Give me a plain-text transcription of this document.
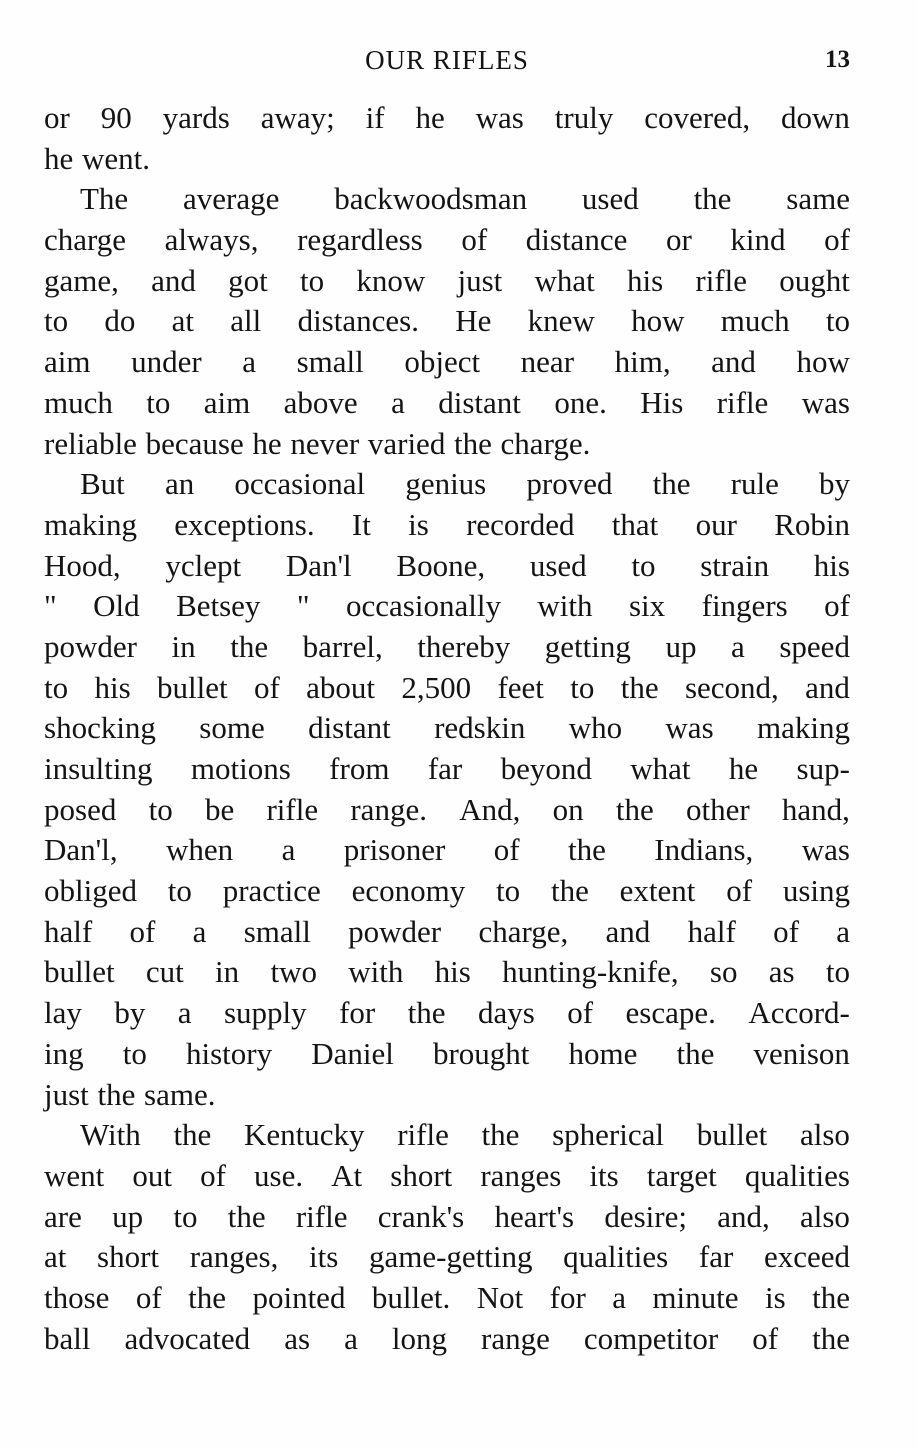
OUR RIFLES	13
or 90 yards away; if he was truly covered, down
he went.
The average backwoodsman used the same
charge always, regardless of distance or kind of
game, and got to know just what his rifle ought
to do at all distances. He knew how much to
aim under a small object near him, and how
much to aim above a distant one. His rifle was
reliable because he never varied the charge.
But an occasional genius proved the rule by
making exceptions. It is recorded that our Robin
Hood, yclept Dan'l Boone, used to strain his
" Old Betsey " occasionally with six fingers of
powder in the barrel, thereby getting up a speed
to his bullet of about 2,500 feet to the second, and
shocking some distant redskin who was making
insulting motions from far beyond what he sup-
posed to be rifle range. And, on the other hand,
Dan'l, when a prisoner of the Indians, was
obliged to practice economy to the extent of using
half of a small powder charge, and half of a
bullet cut in two with his hunting-knife, so as to
lay by a supply for the days of escape. Accord-
ing to history Daniel brought home the venison
just the same.
With the Kentucky rifle the spherical bullet also
went out of use. At short ranges its target qualities
are up to the rifle crank's heart's desire; and, also
at short ranges, its game-getting qualities far exceed
those of the pointed bullet. Not for a minute is the
ball advocated as a long range competitor of the
